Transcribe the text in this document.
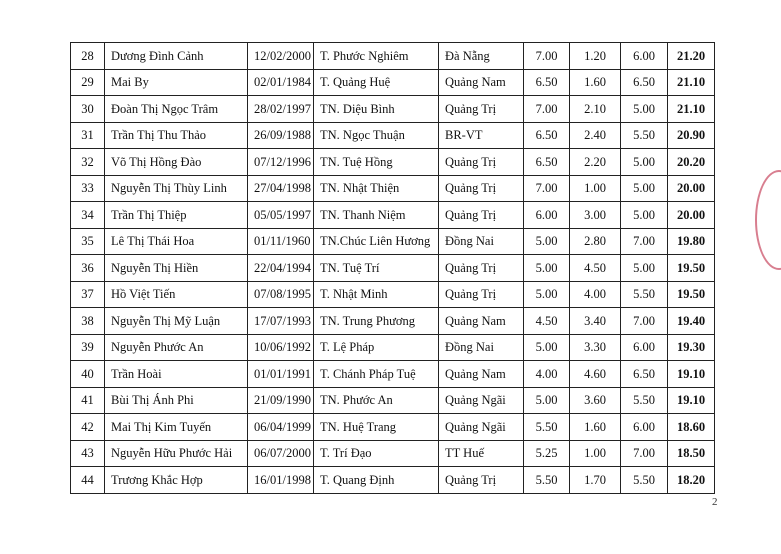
28	Dương Đình Cảnh	12/02/2000	T. Phước Nghiêm	Đà Nẵng	7.00	1.20	6.00	21.20
29	Mai By	02/01/1984	T. Quảng Huệ	Quảng Nam	6.50	1.60	6.50	21.10
30	Đoàn Thị Ngọc Trâm	28/02/1997	TN. Diệu Bình	Quảng Trị	7.00	2.10	5.00	21.10
31	Trần Thị Thu Thảo	26/09/1988	TN. Ngọc Thuận	BR-VT	6.50	2.40	5.50	20.90
32	Võ Thị Hồng Đào	07/12/1996	TN. Tuệ Hồng	Quảng Trị	6.50	2.20	5.00	20.20
33	Nguyễn Thị Thùy Linh	27/04/1998	TN. Nhật Thiện	Quảng Trị	7.00	1.00	5.00	20.00
34	Trần Thị Thiệp	05/05/1997	TN. Thanh Niệm	Quảng Trị	6.00	3.00	5.00	20.00
35	Lê Thị Thái Hoa	01/11/1960	TN.Chúc Liên Hương	Đồng Nai	5.00	2.80	7.00	19.80
36	Nguyễn Thị Hiền	22/04/1994	TN. Tuệ Trí	Quảng Trị	5.00	4.50	5.00	19.50
37	Hồ Việt Tiến	07/08/1995	T. Nhật Minh	Quảng Trị	5.00	4.00	5.50	19.50
38	Nguyễn Thị Mỹ Luận	17/07/1993	TN. Trung Phương	Quảng Nam	4.50	3.40	7.00	19.40
39	Nguyễn Phước An	10/06/1992	T. Lệ Pháp	Đồng Nai	5.00	3.30	6.00	19.30
40	Trần Hoài	01/01/1991	T. Chánh Pháp Tuệ	Quảng Nam	4.00	4.60	6.50	19.10
41	Bùi Thị Ánh Phi	21/09/1990	TN. Phước An	Quảng Ngãi	5.00	3.60	5.50	19.10
42	Mai Thị Kim Tuyến	06/04/1999	TN. Huệ Trang	Quảng Ngãi	5.50	1.60	6.00	18.60
43	Nguyễn Hữu Phước Hải	06/07/2000	T. Trí Đạo	TT Huế	5.25	1.00	7.00	18.50
44	Trương Khắc Hợp	16/01/1998	T. Quang Định	Quảng Trị	5.50	1.70	5.50	18.20
2
